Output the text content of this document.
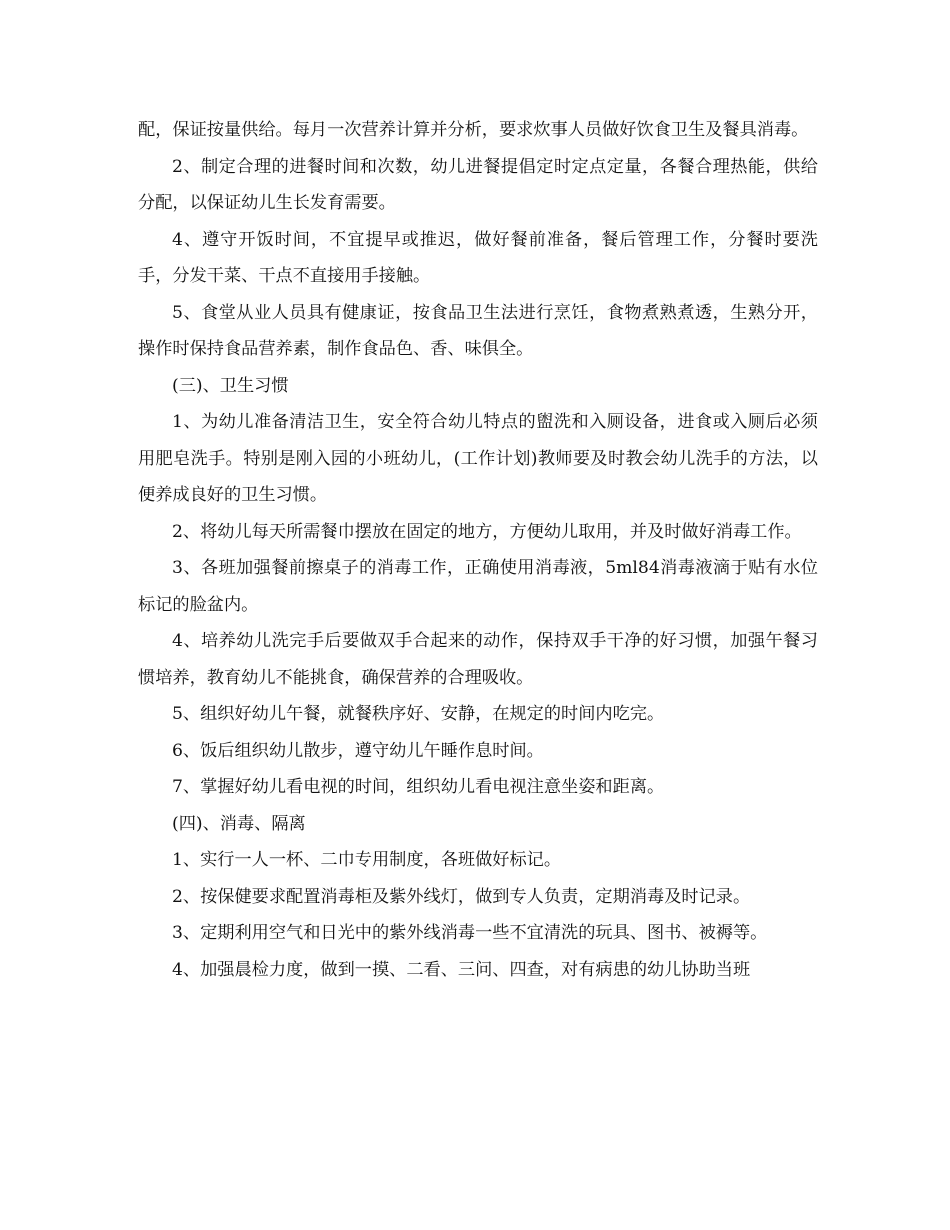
配，保证按量供给。每月一次营养计算并分析，要求炊事人员做好饮食卫生及餐具消毒。

2、制定合理的进餐时间和次数，幼儿进餐提倡定时定点定量，各餐合理热能，供给分配，以保证幼儿生长发育需要。

4、遵守开饭时间，不宜提早或推迟，做好餐前准备，餐后管理工作，分餐时要洗手，分发干菜、干点不直接用手接触。

5、食堂从业人员具有健康证，按食品卫生法进行烹饪，食物煮熟煮透，生熟分开，操作时保持食品营养素，制作食品色、香、味俱全。

(三)、卫生习惯

1、为幼儿准备清洁卫生，安全符合幼儿特点的盥洗和入厕设备，进食或入厕后必须用肥皂洗手。特别是刚入园的小班幼儿，(工作计划)教师要及时教会幼儿洗手的方法，以便养成良好的卫生习惯。

2、将幼儿每天所需餐巾摆放在固定的地方，方便幼儿取用，并及时做好消毒工作。

3、各班加强餐前擦桌子的消毒工作，正确使用消毒液，5ml84消毒液滴于贴有水位标记的脸盆内。

4、培养幼儿洗完手后要做双手合起来的动作，保持双手干净的好习惯，加强午餐习惯培养，教育幼儿不能挑食，确保营养的合理吸收。

5、组织好幼儿午餐，就餐秩序好、安静，在规定的时间内吃完。

6、饭后组织幼儿散步，遵守幼儿午睡作息时间。

7、掌握好幼儿看电视的时间，组织幼儿看电视注意坐姿和距离。

(四)、消毒、隔离

1、实行一人一杯、二巾专用制度，各班做好标记。

2、按保健要求配置消毒柜及紫外线灯，做到专人负责，定期消毒及时记录。

3、定期利用空气和日光中的紫外线消毒一些不宜清洗的玩具、图书、被褥等。

4、加强晨检力度，做到一摸、二看、三问、四查，对有病患的幼儿协助当班
